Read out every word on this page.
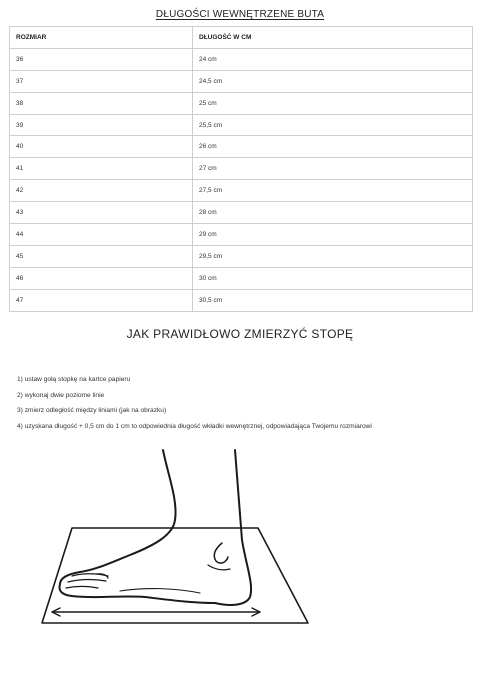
DŁUGOŚCI WEWNĘTRZENE BUTA
ROZMIAR	DŁUGOŚĆ W CM
36	24 cm
37	24,5 cm
38	25 cm
39	25,5 cm
40	26 cm
41	27 cm
42	27,5 cm
43	28 cm
44	29 cm
45	29,5 cm
46	30 cm
47	30,5 cm
JAK PRAWIDŁOWO ZMIERZYĆ STOPĘ
1) ustaw gołą stopkę na kartce papieru
2) wykonaj dwie poziome linie
3) zmierz odległość między liniami (jak na obrazku)
4) uzyskana długość + 0,5 cm do 1 cm to odpowiednia długość wkładki wewnętrznej, odpowiadająca Twojemu rozmiarowi
